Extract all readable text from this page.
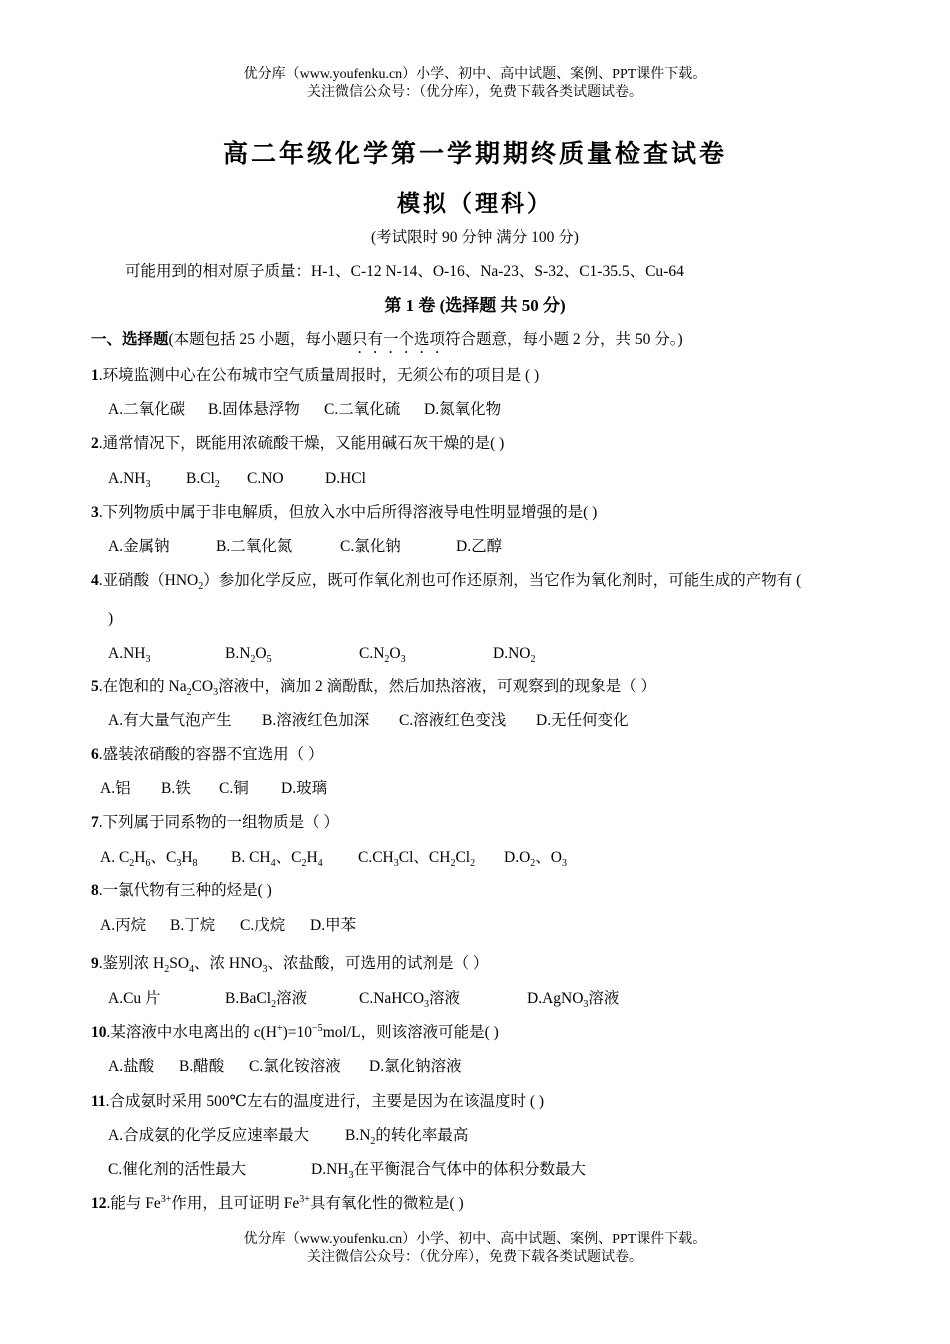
优分库（www.youfenku.cn）小学、初中、高中试题、案例、PPT课件下载。
关注微信公众号：（优分库），免费下载各类试题试卷。
高二年级化学第一学期期终质量检查试卷
模拟（理科）
(考试限时 90 分钟 满分 100 分)
可能用到的相对原子质量：H-1、C-12 N-14、O-16、Na-23、S-32、C1-35.5、Cu-64
第 1 卷 (选择题 共 50 分)
一、选择题(本题包括 25 小题，每小题只有一个选项符合题意，每小题 2 分，共 50 分。)
1.环境监测中心在公布城市空气质量周报时，无须公布的项目是 ( )
A.二氧化碳 B.固体悬浮物 C.二氧化硫 D.氮氧化物
2.通常情况下，既能用浓硫酸干燥，又能用碱石灰干燥的是( )
$A.NH_3$ $B.Cl_2$ C.NO	D.HCl
3.下列物质中属于非电解质，但放入水中后所得溶液导电性明显增强的是( )
A.金属钠	B.二氧化氮	C.氯化钠	D.乙醇
4.亚硝酸$(HNO_2)$参加化学反应，既可作氧化剂也可作还原剂，当它作为氧化剂时，可能生成的产物有 (
)
$A.NH_3$	$B.N_2O_5$	$C.N_2O_3$	$D.NO_2$
5.在饱和的 $Na_2CO_3$溶液中，滴加 2 滴酚酞，然后加热溶液，可观察到的现象是（ ）
A.有大量气泡产生 B.溶液红色加深 C.溶液红色变浅 D.无任何变化
6.盛装浓硝酸的容器不宜选用（ ）
A.铝 B.铁 C.铜 D.玻璃
7.下列属于同系物的一组物质是（ ）
A. $C_2H_6$、$C_3H_8$ B. $CH_4$、$C_2H_4$ $C.CH_3Cl$、$CH_2Cl_2$ $D.O_2$、$O_3$
8.一氯代物有三种的烃是( )
A.丙烷 B.丁烷 C.戊烷 D.甲苯
9.鉴别浓 $H_2SO_4$、浓 $HNO_3$、浓盐酸，可选用的试剂是（ ）
A.Cu 片	B.BaCl$_2$溶液	C.NaHCO$_3$溶液	D.AgNO$_3$溶液
10.某溶液中水电离出的 $c(H^+)=10^{-5}mol/L$，则该溶液可能是( )
A.盐酸 B.醋酸 C.氯化铵溶液 D.氯化钠溶液
11.合成氨时采用 500℃左右的温度进行，主要是因为在该温度时 ( )
A.合成氨的化学反应速率最大 $B.N_2$的转化率最高
C.催化剂的活性最大	$D.NH_3$在平衡混合气体中的体积分数最大
12.能与 $Fe^{3+}$作用，且可证明 $Fe^{3+}$具有氧化性的微粒是( )
优分库（www.youfenku.cn）小学、初中、高中试题、案例、PPT课件下载。
关注微信公众号：（优分库），免费下载各类试题试卷。
